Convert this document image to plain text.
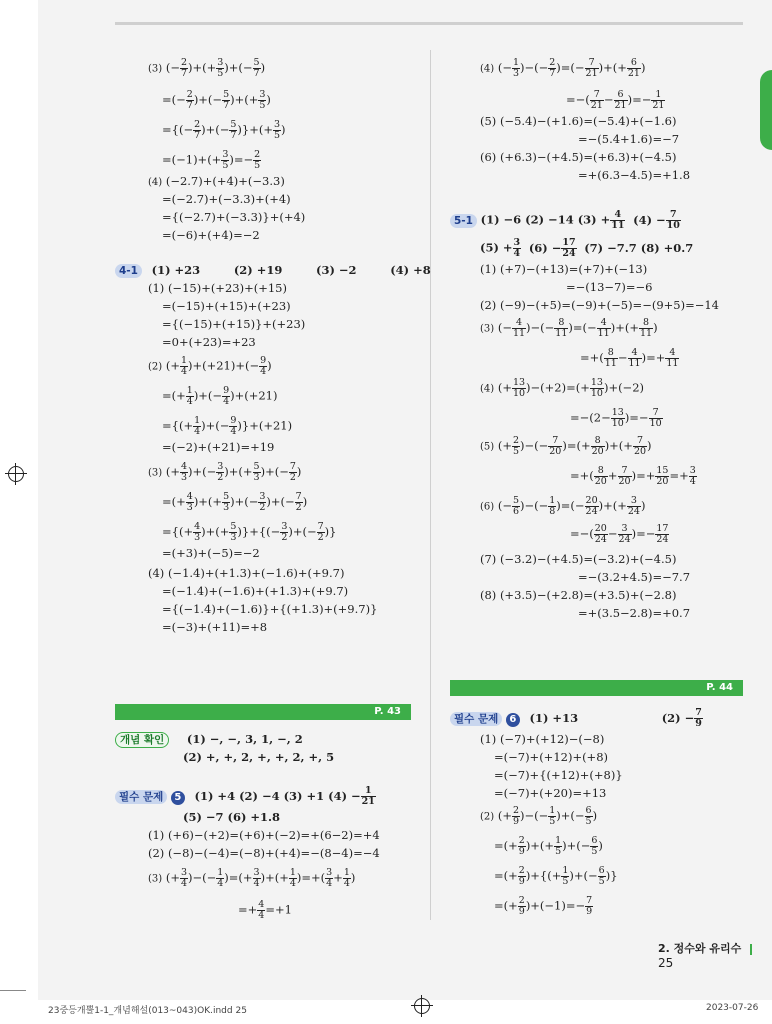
(3) (− $\frac{2}{7}$ )+(+ $\frac{3}{5}$ )+(− $\frac{5}{7}$ )
=(− $\frac{2}{7}$ )+(− $\frac{5}{7}$ )+(+ $\frac{3}{5}$ )
={(− $\frac{2}{7}$ )+(− $\frac{5}{7}$ )}+(+ $\frac{3}{5}$ )
$=(-1)+(+ \frac{3}{5}$ )=− $\frac{2}{5}$
(4) (−2.7)+(+4)+(−3.3)
=(−2.7)+(−3.3)+(+4)
={(−2.7)+(−3.3)}+(+4)
=(−6)+(+4)=−2
4-1 (1) +23	(2) +19	(3) −2	(4) +8
(1) (−15)+(+23)+(+15)
=(−15)+(+15)+(+23)
={(−15)+(+15)}+(+23)
=0+(+23)=+23
(2) (+ $\frac{1}{4} )+(+21)+(- \frac{9}{4}$ )
=(+ $\frac{1}{4}$ )+(− $\frac{9}{4} )+(+21)$
={(+ $\frac{1}{4}$ )+(− $\frac{9}{4} )\}+(+21)$
=(−2)+(+21)=+19
(3) (+ $\frac{4}{3}$ )+(− $\frac{3}{2}$ )+(+ $\frac{5}{3}$ )+(− $\frac{7}{2}$ )
=(+ $\frac{4}{3}$ )+(+ $\frac{5}{3}$ )+(− $\frac{3}{2}$ )+(− $\frac{7}{2}$ )
={(+ $\frac{4}{3}$ )+(+ $\frac{5}{3}$ )}+{(− $\frac{3}{2}$ )+(− $\frac{7}{2}$ )}
=(+3)+(−5)=−2
(4) (−1.4)+(+1.3)+(−1.6)+(+9.7)
=(−1.4)+(−1.6)+(+1.3)+(+9.7)
={(−1.4)+(−1.6)}+{(+1.3)+(+9.7)}
=(−3)+(+11)=+8
P. 43
개념 확인 (1) −, −, 3, 1, −, 2
(2) +, +, 2, +, +, 2, +, 5
필수 문제 5 (1) +4 (2) −4 (3) +1 $(4) - \frac{1}{21}$
(5) −7 (6) +1.8
(1) (+6)−(+2)=(+6)+(−2)=+(6−2)=+4
(2) (−8)−(−4)=(−8)+(+4)=−(8−4)=−4
(3) (+ $\frac{3}{4}$ )−(− $\frac{1}{4}$ )=(+ $\frac{3}{4}$ )+(+ $\frac{1}{4}$ )=+( $\frac{3}{4} + \frac{1}{4}$ )
=+ $\frac{4}{4} =+1$
(4) (− $\frac{1}{3}$ )−(− $\frac{2}{7}$ )=(− $\frac{7}{21}$ )+(+ $\frac{6}{21}$ )
=−( $\frac{7}{21} - \frac{6}{21}$ )=− $\frac{1}{21}$
(5) (−5.4)−(+1.6)=(−5.4)+(−1.6)
=−(5.4+1.6)=−7
(6) (+6.3)−(+4.5)=(+6.3)+(−4.5)
=+(6.3−4.5)=+1.8
5-1 (1) −6 (2) −14 $(3) + \frac{4}{11} (4) - \frac{7}{10}$
$(5) + \frac{3}{4} (6) - \frac{17}{24} (7) -7.7$ (8) +0.7
(1) (+7)−(+13)=(+7)+(−13)
=−(13−7)=−6
(2) (−9)−(+5)=(−9)+(−5)=−(9+5)=−14
(3) (− $\frac{4}{11}$ )−(− $\frac{8}{11}$ )=(− $\frac{4}{11}$ )+(+ $\frac{8}{11}$ )
=+( $\frac{8}{11} - \frac{4}{11}$ )=+ $\frac{4}{11}$
(4) (+ $\frac{13}{10} )-(+2)=(+ \frac{13}{10} )+(-2)$
$=-(2- \frac{13}{10}$ )=− $\frac{7}{10}$
(5) (+ $\frac{2}{5}$ )−(− $\frac{7}{20}$ )=(+ $\frac{8}{20}$ )+(+ $\frac{7}{20}$ )
=+( $\frac{8}{20} + \frac{7}{20}$ )=+ $\frac{15}{20} =+ \frac{3}{4}$
(6) (− $\frac{5}{6}$ )−(− $\frac{1}{8}$ )=(− $\frac{20}{24}$ )+(+ $\frac{3}{24}$ )
=−( $\frac{20}{24} - \frac{3}{24}$ )=− $\frac{17}{24}$
(7) (−3.2)−(+4.5)=(−3.2)+(−4.5)
=−(3.2+4.5)=−7.7
(8) (+3.5)−(+2.8)=(+3.5)+(−2.8)
=+(3.5−2.8)=+0.7
P. 44
필수 문제 6 (1) +13	$(2) - \frac{7}{9}$
(1) (−7)+(+12)−(−8)
=(−7)+(+12)+(+8)
=(−7)+{(+12)+(+8)}
=(−7)+(+20)=+13
(2) (+ $\frac{2}{9}$ )−(− $\frac{1}{5}$ )+(− $\frac{6}{5}$ )
=(+ $\frac{2}{9}$ )+(+ $\frac{1}{5}$ )+(− $\frac{6}{5}$ )
=(+ $\frac{2}{9}$ )+{(+ $\frac{1}{5}$ )+(− $\frac{6}{5}$ )}
=(+ $\frac{2}{9} )+(-1)=- \frac{7}{9}$
2. 정수와 유리수  25
23중등개뿔1-1_개념해설(013~043)OK.indd 25	2023-07-26
